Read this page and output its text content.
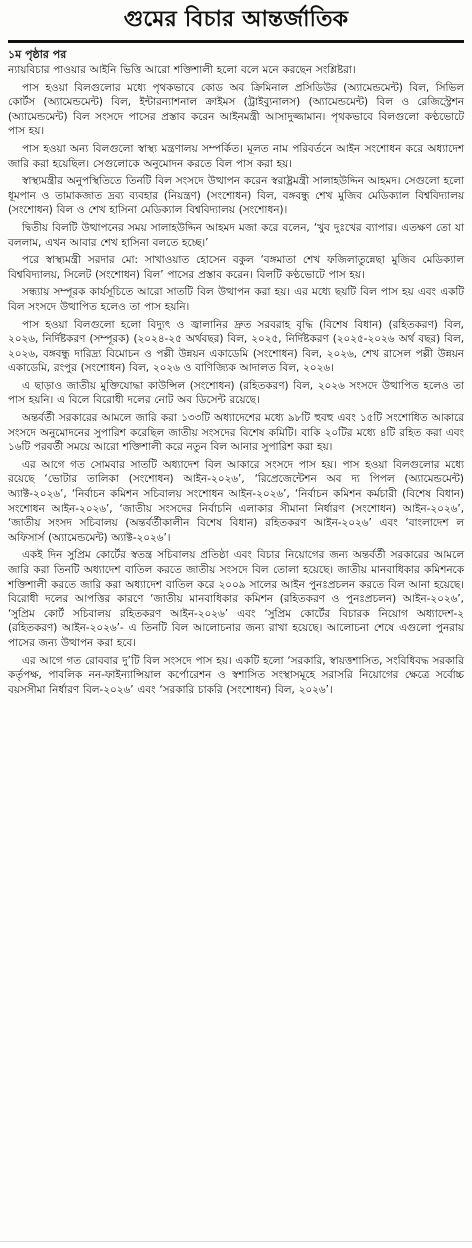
গুমের বিচার আন্তর্জাতিক
১ম পৃষ্ঠার পর

ন্যায়বিচার পাওয়ার আইনি ভিত্তি আরো শক্তিশালী হলো বলে মনে করছেন সংশ্লিষ্টরা।

পাস হওয়া বিলগুলোর মধ্যে পৃথকভাবে কোড অব ক্রিমিনাল প্রসিডিউর (অ্যামেন্ডমেন্ট) বিল, সিভিল কোর্টস (অ্যামেন্ডমেন্ট) বিল, ইন্টারন্যাশনাল ক্রাইমস (ট্রাইব্যুনালস) (অ্যামেন্ডমেন্ট) বিল ও রেজিস্ট্রেশন (অ্যামেন্ডমেন্ট) বিল সংসদে পাসের প্রস্তাব করেন আইনমন্ত্রী আসাদুজ্জামান। পৃথকভাবে বিলগুলো কণ্ঠভোটে পাস হয়।

পাস হওয়া অন্য বিলগুলো স্বাস্থ্য মন্ত্রণালয় সম্পর্কিত। মূলত নাম পরিবর্তনে আইন সংশোধন করে অধ্যাদেশ জারি করা হয়েছিল। সেগুলোকে অনুমোদন করতে বিল পাস করা হয়।

স্বাস্থ্যমন্ত্রীর অনুপস্থিতিতে তিনটি বিল সংসদে উত্থাপন করেন স্বরাষ্ট্রমন্ত্রী সালাহউদ্দিন আহমদ। সেগুলো হলো ধূমপান ও তামাকজাত দ্রব্য ব্যবহার (নিয়ন্ত্রণ) (সংশোধন) বিল, বঙ্গবন্ধু শেখ মুজিব মেডিক্যাল বিশ্ববিদ্যালয় (সংশোধন) বিল ও শেখ হাসিনা মেডিক্যাল বিশ্ববিদ্যালয় (সংশোধন)।

দ্বিতীয় বিলটি উত্থাপনের সময় সালাহউদ্দিন আহমদ মজা করে বলেন, ‘খুব দুঃখের ব্যাপার। এতক্ষণ তো যা বললাম, এখন আবার শেখ হাসিনা বলতে হচ্ছে।’

পরে স্বাস্থ্যমন্ত্রী সরদার মো: সাখাওয়াত হোসেন বকুল ‘বঙ্গমাতা শেখ ফজিলাতুন্নেছা মুজিব মেডিক্যাল বিশ্ববিদ্যালয়, সিলেট (সংশোধন) বিল’ পাসের প্রস্তাব করেন। বিলটি কণ্ঠভোটে পাস হয়।

সন্ধ্যায় সম্পূরক কার্যসূচিতে আরো সাতটি বিল উত্থাপন করা হয়। এর মধ্যে ছয়টি বিল পাস হয় এবং একটি বিল সংসদে উত্থাপিত হলেও তা পাস হয়নি।

পাস হওয়া বিলগুলো হলো বিদ্যুৎ ও জ্বালানির দ্রুত সরবরাহ বৃদ্ধি (বিশেষ বিধান) (রহিতকরণ) বিল, ২০২৬, নির্দিষ্টকরণ (সম্পূরক) (২০২৪-২৫ অর্থবছর) বিল, ২০২৫, নির্দিষ্টকরণ (২০২৫-২০২৬ অর্থ বছর) বিল, ২০২৬, বঙ্গবন্ধু দারিদ্র্য বিমোচন ও পল্লী উন্নয়ন একাডেমি (সংশোধন) বিল, ২০২৬, শেখ রাসেল পল্লী উন্নয়ন একাডেমি, রংপুর (সংশোধন) বিল, ২০২৬ ও বাণিজ্যিক আদালত বিল, ২০২৬।

এ ছাড়াও জাতীয় মুক্তিযোদ্ধা কাউন্সিল (সংশোধন) (রহিতকরণ) বিল, ২০২৬ সংসদে উত্থাপিত হলেও তা পাস হয়নি। এ বিলে বিরোধী দলের নোট অব ডিসেন্ট রয়েছে।

অন্তর্বর্তী সরকারের আমলে জারি করা ১৩৩টি অধ্যাদেশের মধ্যে ৯৮টি হুবহু এবং ১৫টি সংশোধিত আকারে সংসদে অনুমোদনের সুপারিশ করেছিল জাতীয় সংসদের বিশেষ কমিটি। বাকি ২০টির মধ্যে ৪টি রহিত করা এবং ১৬টি পরবর্তী সময়ে আরো শক্তিশালী করে নতুন বিল আনার সুপারিশ করা হয়।

এর আগে গত সোমবার সাতটি অধ্যাদেশ বিল আকারে সংসদে পাস হয়। পাস হওয়া বিলগুলোর মধ্যে রয়েছে ‘ভোটার তালিকা (সংশোধন) আইন-২০২৬’, ‘রিপ্রেজেন্টেশন অব দ্য পিপল (অ্যামেন্ডমেন্ট) অ্যাক্ট-২০২৬’, ‘নির্বাচন কমিশন সচিবালয় সংশোধন আইন-২০২৬’, ‘নির্বাচন কমিশন কর্মচারী (বিশেষ বিধান) সংশোধন আইন-২০২৬’, ‘জাতীয় সংসদের নির্বাচনি এলাকার সীমানা নির্ধারণ (সংশোধন) আইন-২০২৬’, ‘জাতীয় সংসদ সচিবালয় (অন্তর্বর্তীকালীন বিশেষ বিধান) রহিতকরণ আইন-২০২৬’ এবং ‘বাংলাদেশ ল অফিসার্স (অ্যামেন্ডমেন্ট) অ্যাক্ট-২০২৬’।

একই দিন সুপ্রিম কোর্টের স্বতন্ত্র সচিবালয় প্রতিষ্ঠা এবং বিচার নিয়োগের জন্য অন্তর্বর্তী সরকারের আমলে জারি করা তিনটি অধ্যাদেশ বাতিল করতে জাতীয় সংসদে বিল তোলা হয়েছে। জাতীয় মানবাধিকার কমিশনকে শক্তিশালী করতে জারি করা অধ্যাদেশ বাতিল করে ২০০৯ সালের আইন পুনঃপ্রচলন করতে বিল আনা হয়েছে। বিরোধী দলের আপত্তির কারণে ‘জাতীয় মানবাধিকার কমিশন (রহিতকরণ ও পুনঃপ্রচলন) আইন-২০২৬’, ‘সুপ্রিম কোর্ট সচিবালয় রহিতকরণ আইন-২০২৬’ এবং ‘সুপ্রিম কোর্টের বিচারক নিয়োগ অধ্যাদেশ-২ (রহিতকরণ) আইন-২০২৬’- এ তিনটি বিল আলোচনার জন্য রাখা হয়েছে। আলোচনা শেষে এগুলো পুনরায় পাসের জন্য উত্থাপন করা হবে।

এর আগে গত রোববার দু’টি বিল সংসদে পাস হয়। একটি হলো ‘সরকারি, স্বায়ত্তশাসিত, সংবিধিবদ্ধ সরকারি কর্তৃপক্ষ, পাবলিক নন-ফাইন্যান্সিয়াল কর্পোরেশন ও স্বশাসিত সংস্থাসমূহে সরাসরি নিয়োগের ক্ষেত্রে সর্বোচ্চ বয়সসীমা নির্ধারণ বিল-২০২৬’ এবং ‘সরকারি চাকরি (সংশোধন) বিল, ২০২৬’।
